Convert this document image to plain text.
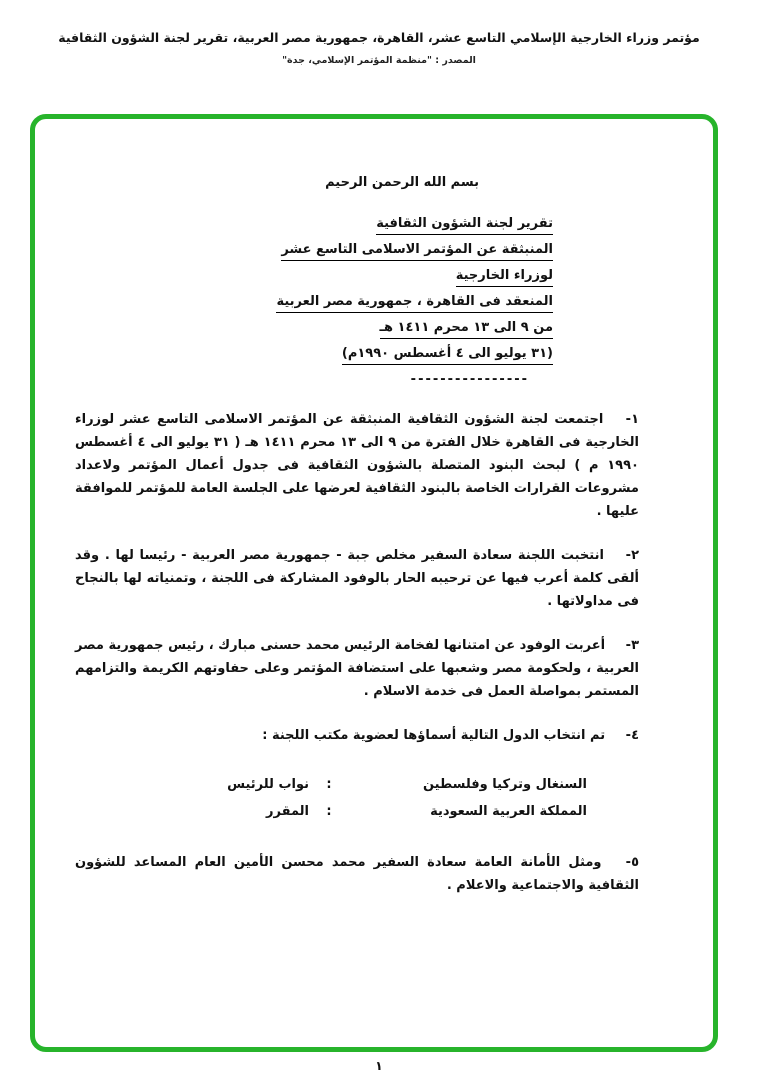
مؤتمر وزراء الخارجية الإسلامي التاسع عشر، القاهرة، جمهورية مصر العربية، تقرير لجنة الشؤون الثقافية
المصدر : "منظمة المؤتمر الإسلامي، جدة"
بسم الله الرحمن الرحيم
تقرير لجنة الشؤون الثقافية
المنبثقة عن المؤتمر الاسلامى التاسع عشر
لوزراء الخارجية
المنعقد فى القاهرة ، جمهورية مصر العربية
من ٩ الى ١٣ محرم ١٤١١ هـ
(٣١ يوليو الى ٤ أغسطس ١٩٩٠م)
----------------

١- اجتمعت لجنة الشؤون الثقافية المنبثقة عن المؤتمر الاسلامى التاسع عشر لوزراء الخارجية فى القاهرة خلال الفترة من ٩ الى ١٣ محرم ١٤١١ هـ ( ٣١ يوليو الى ٤ أغسطس ١٩٩٠ م ) لبحث البنود المتصلة بالشؤون الثقافية فى جدول أعمال المؤتمر ولاعداد مشروعات القرارات الخاصة بالبنود الثقافية لعرضها على الجلسة العامة للمؤتمر للموافقة عليها .

٢- انتخبت اللجنة سعادة السفير مخلص جبة - جمهورية مصر العربية - رئيسا لها . وقد ألقى كلمة أعرب فيها عن ترحيبه الحار بالوفود المشاركة فى اللجنة ، وتمنياته لها بالنجاح فى مداولاتها .

٣- أعربت الوفود عن امتنانها لفخامة الرئيس محمد حسنى مبارك ، رئيس جمهورية مصر العربية ، ولحكومة مصر وشعبها على استضافة المؤتمر وعلى حفاوتهم الكريمة والتزامهم المستمر بمواصلة العمل فى خدمة الاسلام .

٤- تم انتخاب الدول التالية أسماؤها لعضوية مكتب اللجنة :

السنغال وتركيا وفلسطين
:
نواب للرئيس
المملكة العربية السعودية
:
المقرر

٥- ومثل الأمانة العامة سعادة السفير محمد محسن الأمين العام المساعد للشؤون الثقافية والاجتماعية والاعلام .

١
